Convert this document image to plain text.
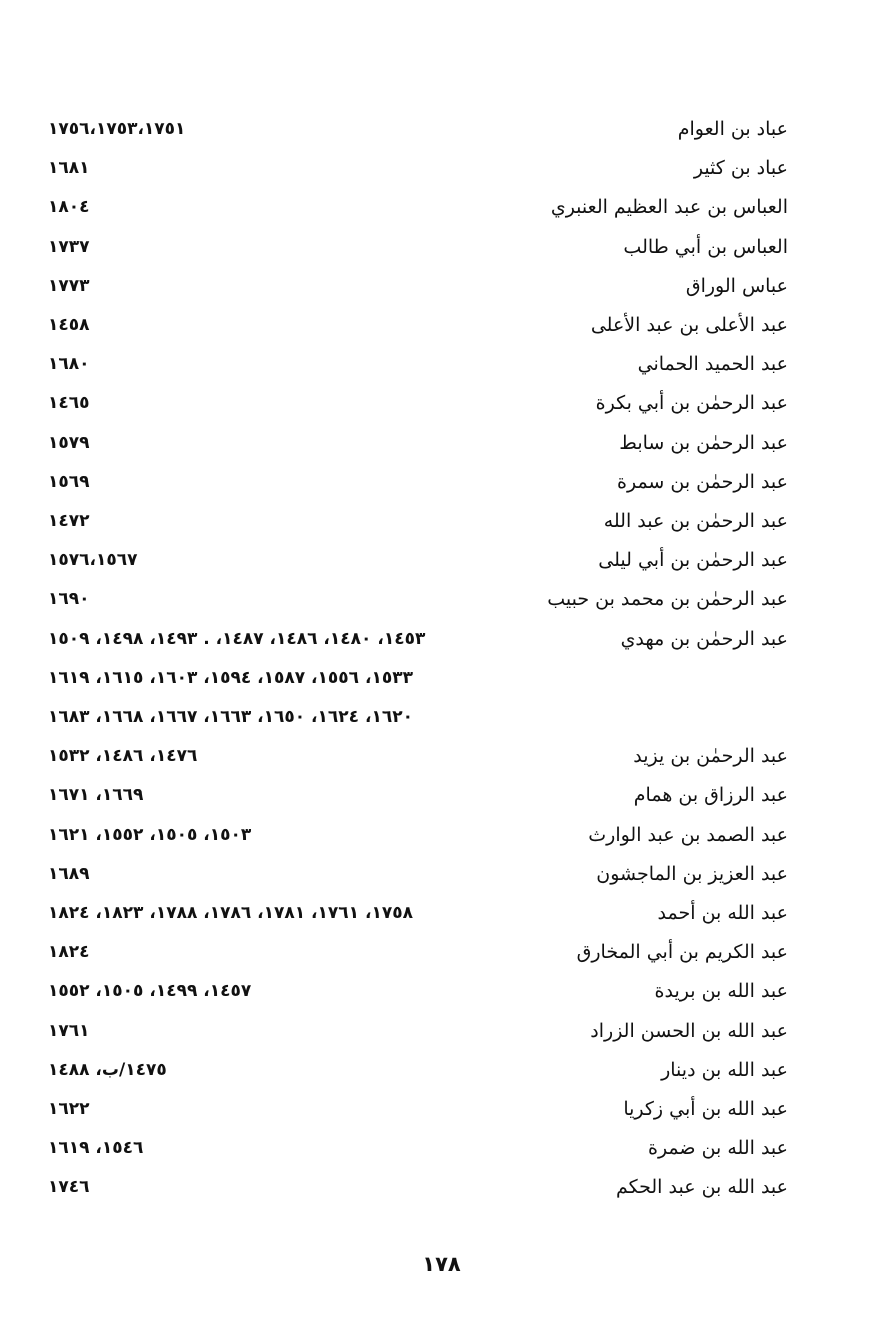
عباد بن العوام
١٧٥٦،١٧٥٣،١٧٥١
عباد بن كثير
١٦٨١
العباس بن عبد العظيم العنبري
١٨٠٤
العباس بن أبي طالب
١٧٣٧
عباس الوراق
١٧٧٣
عبد الأعلى بن عبد الأعلى
١٤٥٨
عبد الحميد الحماني
١٦٨٠
عبد الرحمٰن بن أبي بكرة
١٤٦٥
عبد الرحمٰن بن سابط
١٥٧٩
عبد الرحمٰن بن سمرة
١٥٦٩
عبد الرحمٰن بن عبد الله
١٤٧٢
عبد الرحمٰن بن أبي ليلى
١٥٧٦،١٥٦٧
عبد الرحمٰن بن محمد بن حبيب
١٦٩٠
عبد الرحمٰن بن مهدي
١٤٥٣، ١٤٨٠، ١٤٨٦، ١٤٨٧، . ١٤٩٣، ١٤٩٨، ١٥٠٩
١٥٣٣، ١٥٥٦، ١٥٨٧، ١٥٩٤، ١٦٠٣، ١٦١٥، ١٦١٩
١٦٢٠، ١٦٢٤، ١٦٥٠، ١٦٦٣، ١٦٦٧، ١٦٦٨، ١٦٨٣
عبد الرحمٰن بن يزيد
١٤٧٦، ١٤٨٦، ١٥٣٢
عبد الرزاق بن همام
١٦٦٩، ١٦٧١
عبد الصمد بن عبد الوارث
١٥٠٣، ١٥٠٥، ١٥٥٢، ١٦٢١
عبد العزيز بن الماجشون
١٦٨٩
عبد الله بن أحمد
١٧٥٨، ١٧٦١، ١٧٨١، ١٧٨٦، ١٧٨٨، ١٨٢٣، ١٨٢٤
عبد الكريم بن أبي المخارق
١٨٢٤
عبد الله بن بريدة
١٤٥٧، ١٤٩٩، ١٥٠٥، ١٥٥٢
عبد الله بن الحسن الزراد
١٧٦١
عبد الله بن دينار
١٤٧٥/ب، ١٤٨٨
عبد الله بن أبي زكريا
١٦٢٢
عبد الله بن ضمرة
١٥٤٦، ١٦١٩
عبد الله بن عبد الحكم
١٧٤٦
١٧٨
